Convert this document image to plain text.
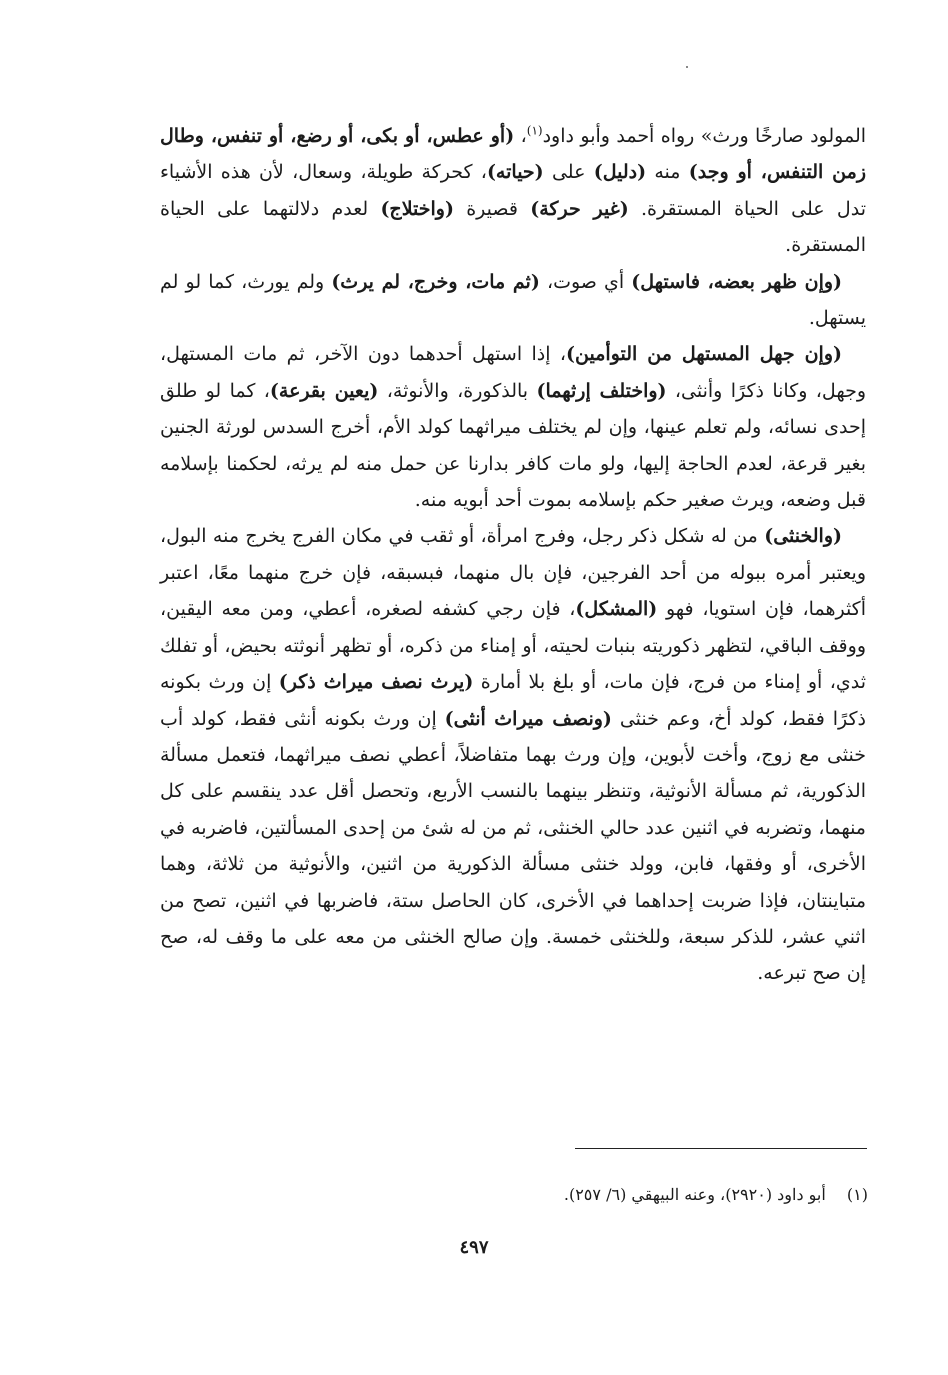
المولود صارخًا ورث» رواه أحمد وأبو داود$^{(١)}$، (أو عطس، أو بكى، أو رضع، أو تنفس، وطال زمن التنفس، أو وجد) منه (دليل) على (حياته)، كحركة طويلة، وسعال، لأن هذه الأشياء تدل على الحياة المستقرة. (غير حركة) قصيرة (واختلاج) لعدم دلالتهما على الحياة المستقرة.

(وإن ظهر بعضه، فاستهل) أي صوت، (ثم مات، وخرج، لم يرث) ولم يورث، كما لو لم يستهل.

(وإن جهل المستهل من التوأمين)، إذا استهل أحدهما دون الآخر، ثم مات المستهل، وجهل، وكانا ذكرًا وأنثى، (واختلف إرثهما) بالذكورة، والأنوثة، (يعين بقرعة)، كما لو طلق إحدى نسائه، ولم تعلم عينها، وإن لم يختلف ميراثهما كولد الأم، أخرج السدس لورثة الجنين بغير قرعة، لعدم الحاجة إليها، ولو مات كافر بدارنا عن حمل منه لم يرثه، لحكمنا بإسلامه قبل وضعه، ويرث صغير حكم بإسلامه بموت أحد أبويه منه.

(والخنثى) من له شكل ذكر رجل، وفرج امرأة، أو ثقب في مكان الفرج يخرج منه البول، ويعتبر أمره ببوله من أحد الفرجين، فإن بال منهما، فبسبقه، فإن خرج منهما معًا، اعتبر أكثرهما، فإن استويا، فهو (المشكل)، فإن رجي كشفه لصغره، أعطي، ومن معه اليقين، ووقف الباقي، لتظهر ذكوريته بنبات لحيته، أو إمناء من ذكره، أو تظهر أنوثته بحيض، أو تفلك ثدي، أو إمناء من فرج، فإن مات، أو بلغ بلا أمارة (يرث نصف ميراث ذكر) إن ورث بكونه ذكرًا فقط، كولد أخ، وعم خنثى (ونصف ميراث أنثى) إن ورث بكونه أنثى فقط، كولد أب خنثى مع زوج، وأخت لأبوين، وإن ورث بهما متفاضلاً، أعطي نصف ميراثهما، فتعمل مسألة الذكورية، ثم مسألة الأنوثية، وتنظر بينهما بالنسب الأربع، وتحصل أقل عدد ينقسم على كل منهما، وتضربه في اثنين عدد حالي الخنثى، ثم من له شئ من إحدى المسألتين، فاضربه في الأخرى، أو وفقها، فابن، وولد خنثى مسألة الذكورية من اثنين، والأنوثية من ثلاثة، وهما متباينتان، فإذا ضربت إحداهما في الأخرى، كان الحاصل ستة، فاضربها في اثنين، تصح من اثني عشر، للذكر سبعة، وللخنثى خمسة. وإن صالح الخنثى من معه على ما وقف له، صح إن صح تبرعه.

(١) أبو داود (٢٩٢٠)، وعنه البيهقي (٦/ ٢٥٧).
٤٩٧
